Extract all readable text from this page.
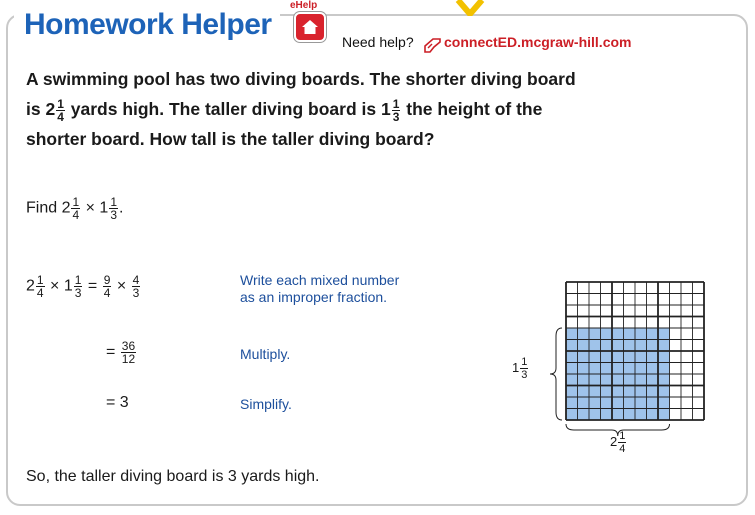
Homework Helper
eHelp
Need help? connectED.mcgraw-hill.com
A swimming pool has two diving boards. The shorter diving board
is $2 \frac{1}{4}$ yards high. The taller diving board is $1 \frac{1}{3}$ the height of the
shorter board. How tall is the taller diving board?
Find $2 \frac{1}{4} \times 1 \frac{1}{3}$ .
$2 \frac{1}{4} \times 1 \frac{1}{3} = \frac{9}{4} \times \frac{4}{3}$	Write each mixed number
as an improper fraction.
= $\frac{36}{12}$	Multiply.
= 3	Simplify.
$1 \frac{1}{3}$
$2 \frac{1}{4}$
So, the taller diving board is 3 yards high.
